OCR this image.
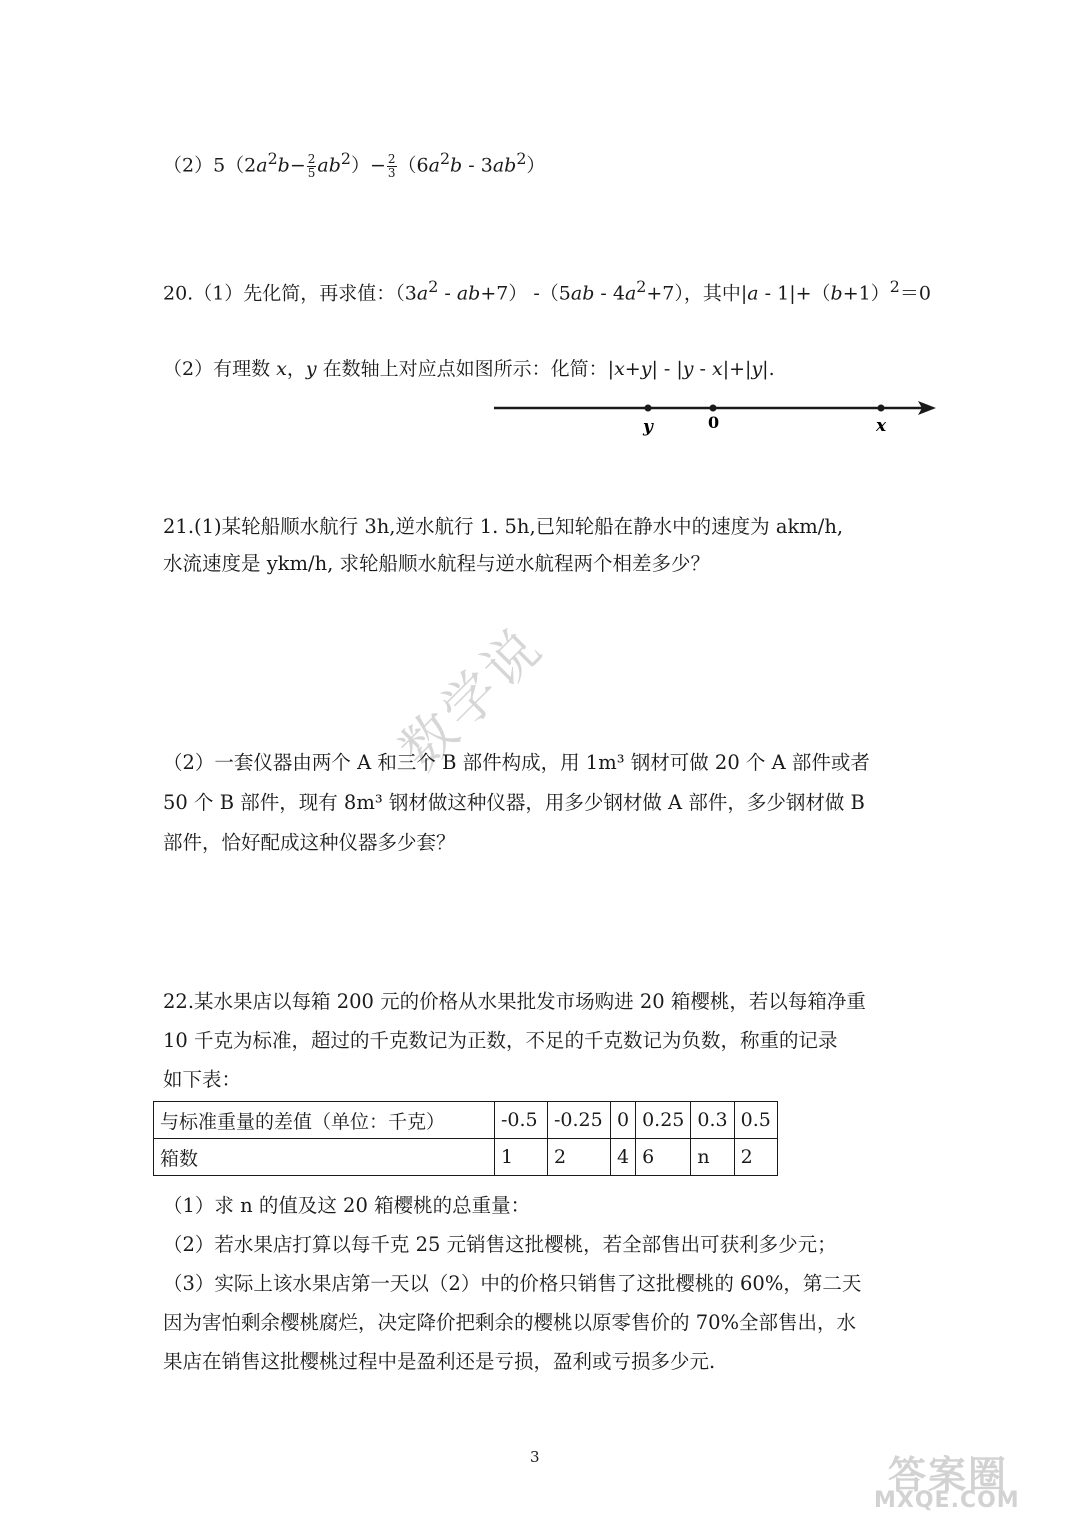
$(2)5(2a^2b- \frac{2}{5} ab^2)- \frac{2}{3} (6a^2b - 3ab^2)$
20.（1）先化简，再求值：$(3a^2 - ab+7)$ $-(5ab - 4a^2+7)$，其中$|a - 1|+(b+1)^2=0$
（2）有理数 x，y 在数轴上对应点如图所示：化简：|x+y| - |y - x|+|y|.
y	0	x
21.(1)某轮船顺水航行 3h,逆水航行 1. 5h,已知轮船在静水中的速度为 akm/h,
水流速度是 ykm/h, 求轮船顺水航程与逆水航程两个相差多少？
数学说
（2）一套仪器由两个 A 和三个 B 部件构成，用 1m³ 钢材可做 20 个 A 部件或者
50 个 B 部件，现有 8m³ 钢材做这种仪器，用多少钢材做 A 部件，多少钢材做 B
部件，恰好配成这种仪器多少套？
22.某水果店以每箱 200 元的价格从水果批发市场购进 20 箱樱桃，若以每箱净重
10 千克为标准，超过的千克数记为正数，不足的千克数记为负数，称重的记录
如下表：
与标准重量的差值（单位：千克）	-0.5	-0.25	0	0.25	0.3	0.5
箱数	1	2	4	6	n	2
（1）求 n 的值及这 20 箱樱桃的总重量：
（2）若水果店打算以每千克 25 元销售这批樱桃，若全部售出可获利多少元；
（3）实际上该水果店第一天以（2）中的价格只销售了这批樱桃的 60%，第二天
因为害怕剩余樱桃腐烂，决定降价把剩余的樱桃以原零售价的 70%全部售出，水
果店在销售这批樱桃过程中是盈利还是亏损，盈利或亏损多少元.
3	答案圈
MXQE.COM
